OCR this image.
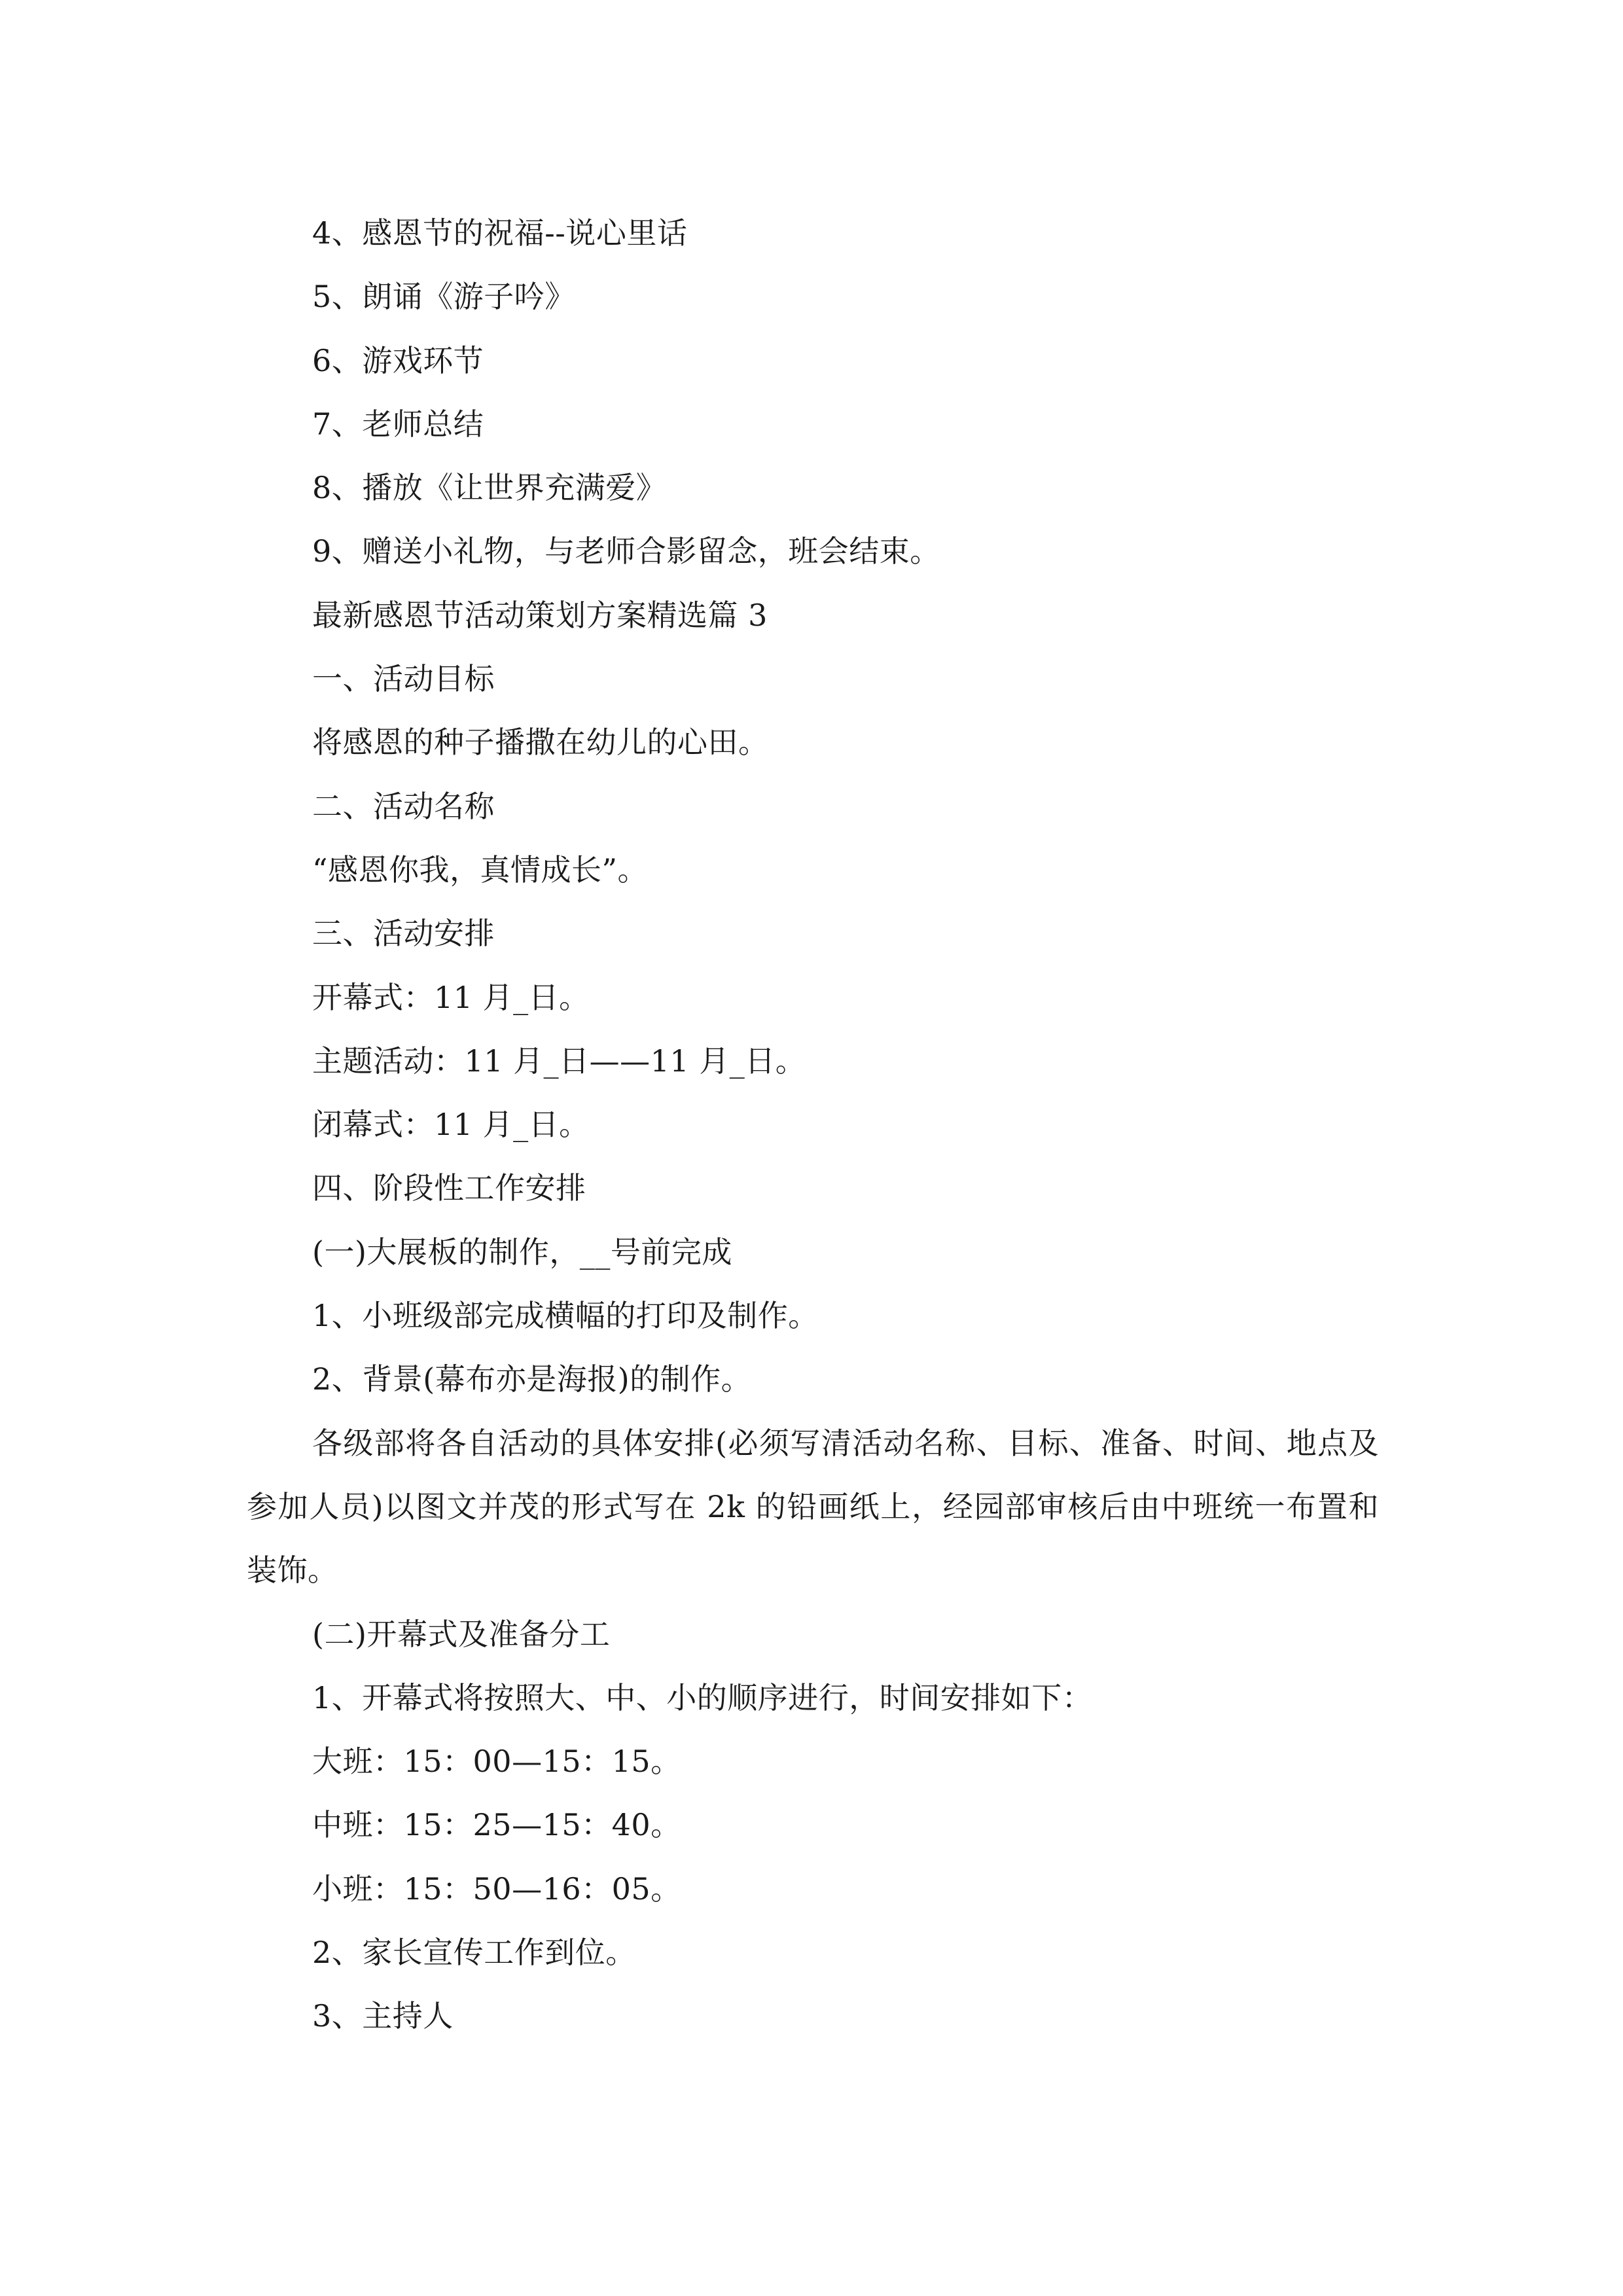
4、感恩节的祝福--说心里话
5、朗诵《游子吟》
6、游戏环节
7、老师总结
8、播放《让世界充满爱》
9、赠送小礼物，与老师合影留念，班会结束。
最新感恩节活动策划方案精选篇 3
一、活动目标
将感恩的种子播撒在幼儿的心田。
二、活动名称
“感恩你我，真情成长”。
三、活动安排
开幕式：11 月_日。
主题活动：11 月_日——11 月_日。
闭幕式：11 月_日。
四、阶段性工作安排
(一)大展板的制作，__号前完成
1、小班级部完成横幅的打印及制作。
2、背景(幕布亦是海报)的制作。

各级部将各自活动的具体安排(必须写清活动名称、目标、准备、时间、地点及参加人员)以图文并茂的形式写在 2k 的铅画纸上，经园部审核后由中班统一布置和装饰。

(二)开幕式及准备分工
1、开幕式将按照大、中、小的顺序进行，时间安排如下：
大班：15：00—15：15。
中班：15：25—15：40。
小班：15：50—16：05。
2、家长宣传工作到位。
3、主持人
